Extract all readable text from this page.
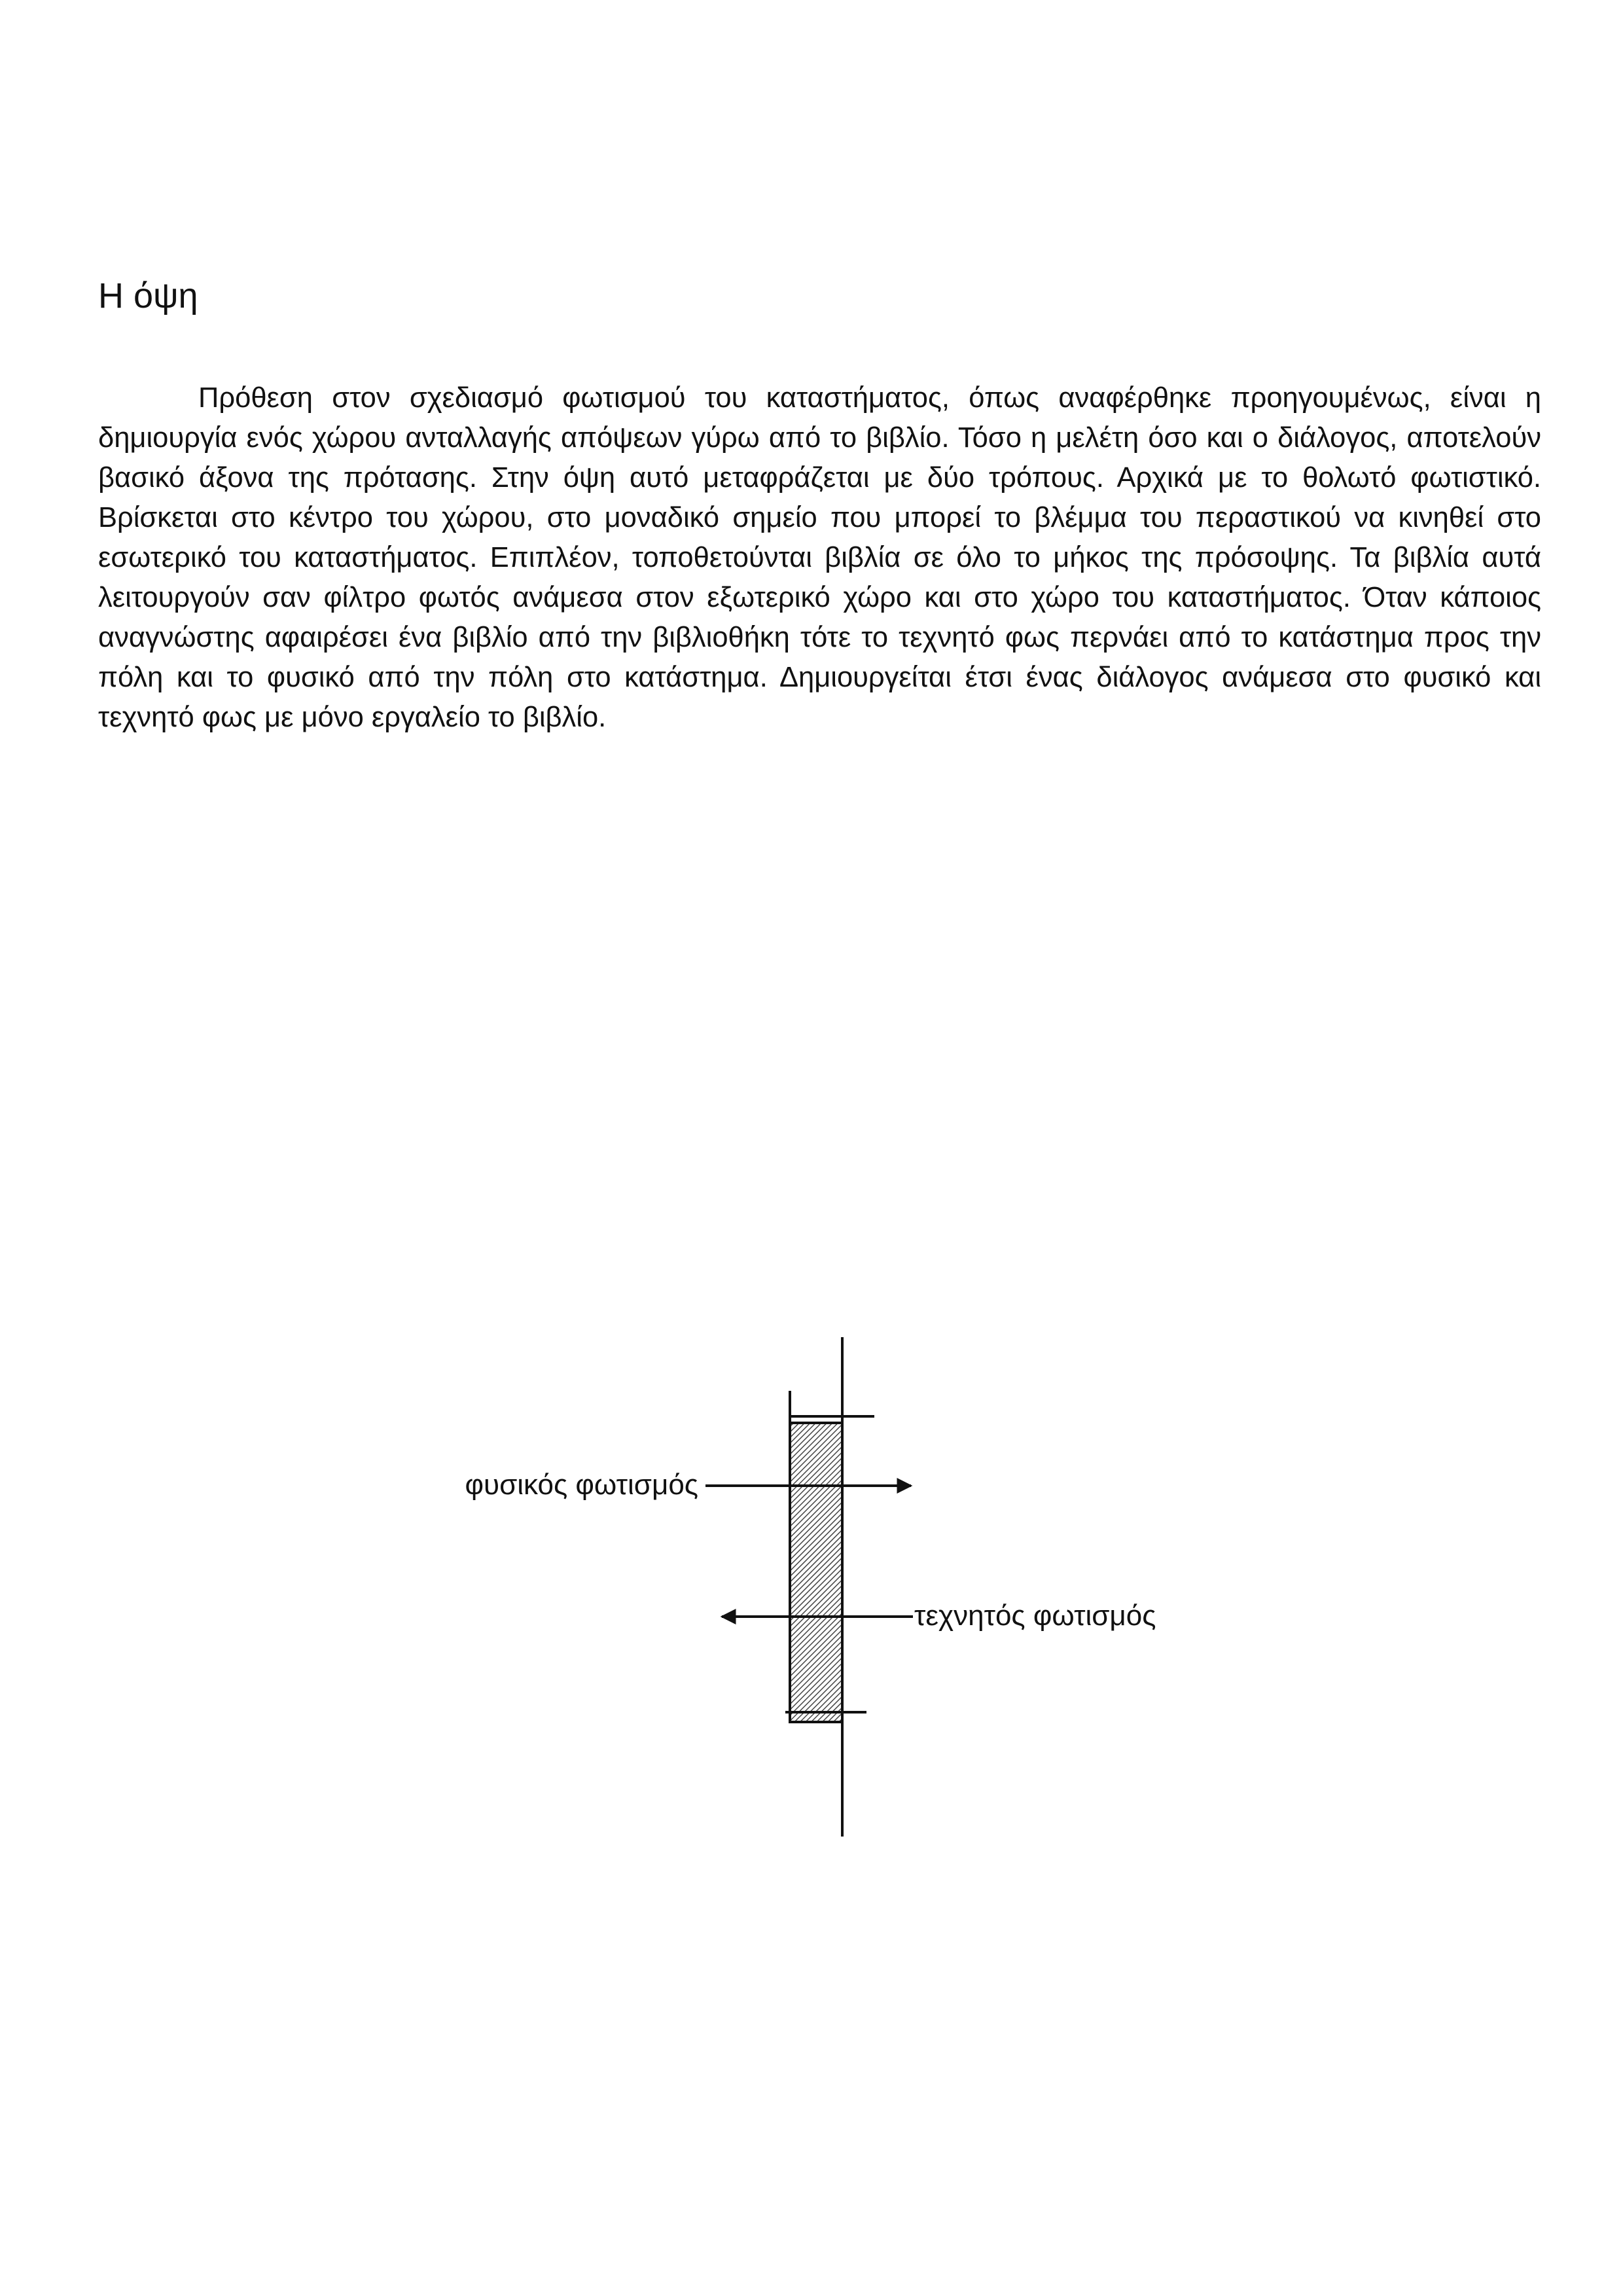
Η όψη

Πρόθεση στον σχεδιασμό φωτισμού του καταστήματος, όπως αναφέρθηκε προηγουμένως, είναι η δημιουργία ενός χώρου ανταλλαγής απόψεων γύρω από το βιβλίο. Τόσο η μελέτη όσο και ο διάλογος, αποτελούν βασικό άξονα της πρότασης. Στην όψη αυτό μεταφράζεται με δύο τρόπους. Αρχικά με το θολωτό φωτιστικό. Βρίσκεται στο κέντρο του χώρου, στο μοναδικό σημείο που μπορεί το βλέμμα του περαστικού να κινηθεί στο εσωτερικό του καταστήματος. Επιπλέον, τοποθετούνται βιβλία σε όλο το μήκος της πρόσοψης. Τα βιβλία αυτά λειτουργούν σαν φίλτρο φωτός ανάμεσα στον εξωτερικό χώρο και στο χώρο του καταστήματος. Όταν κάποιος αναγνώστης αφαιρέσει ένα βιβλίο από την βιβλιοθήκη τότε το τεχνητό φως περνάει από το κατάστημα προς την πόλη και το φυσικό από την πόλη στο κατάστημα. Δημιουργείται έτσι ένας διάλογος ανάμεσα στο φυσικό και τεχνητό φως με μόνο εργαλείο το βιβλίο.

φυσικός φωτισμός
τεχνητός φωτισμός
